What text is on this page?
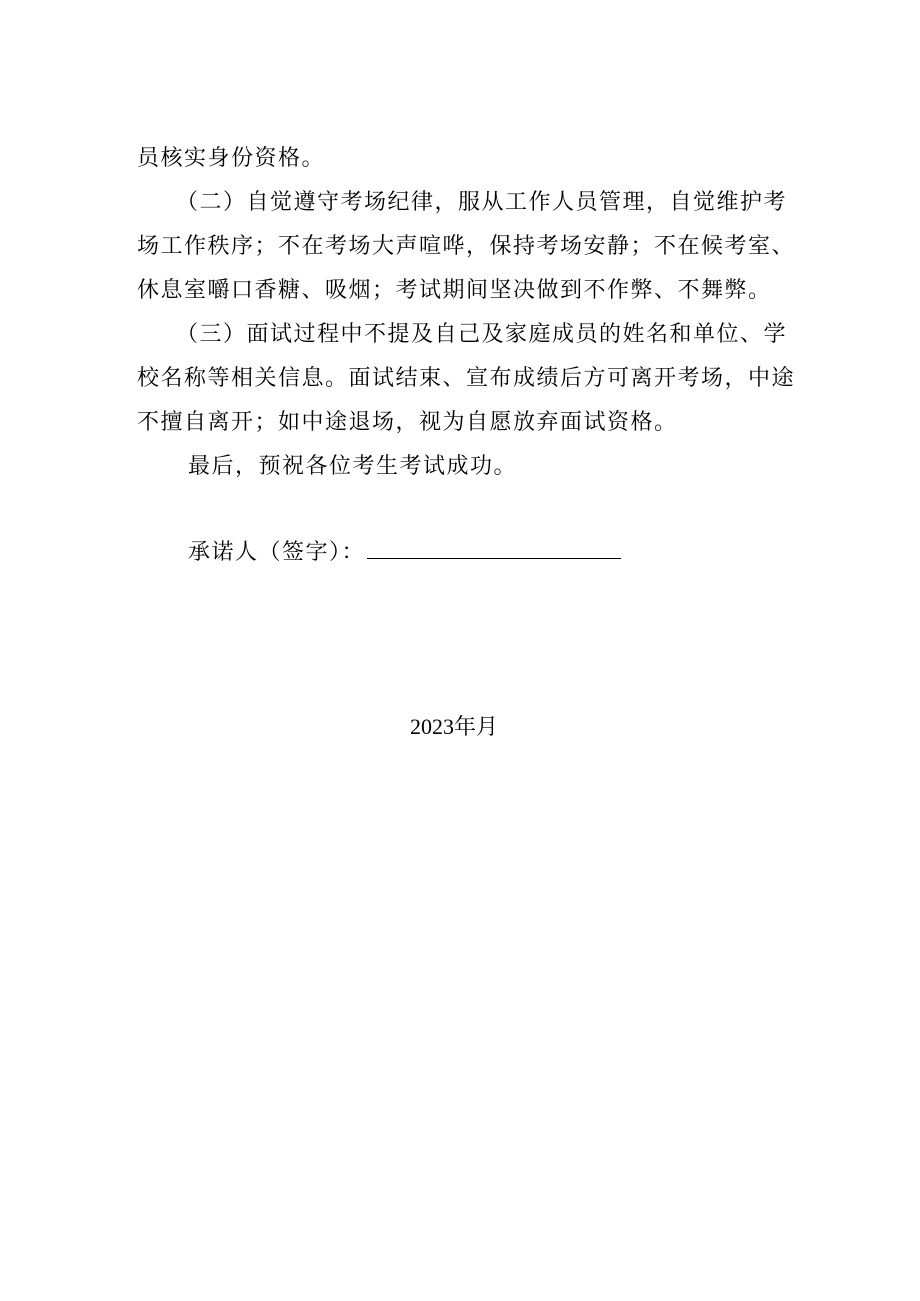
员核实身份资格。
（二）自觉遵守考场纪律，服从工作人员管理，自觉维护考
场工作秩序；不在考场大声喧哗，保持考场安静；不在候考室、
休息室嚼口香糖、吸烟；考试期间坚决做到不作弊、不舞弊。
（三）面试过程中不提及自己及家庭成员的姓名和单位、学
校名称等相关信息。面试结束、宣布成绩后方可离开考场，中途
不擅自离开；如中途退场，视为自愿放弃面试资格。
最后，预祝各位考生考试成功。
承诺人（签字）：
2023年月
